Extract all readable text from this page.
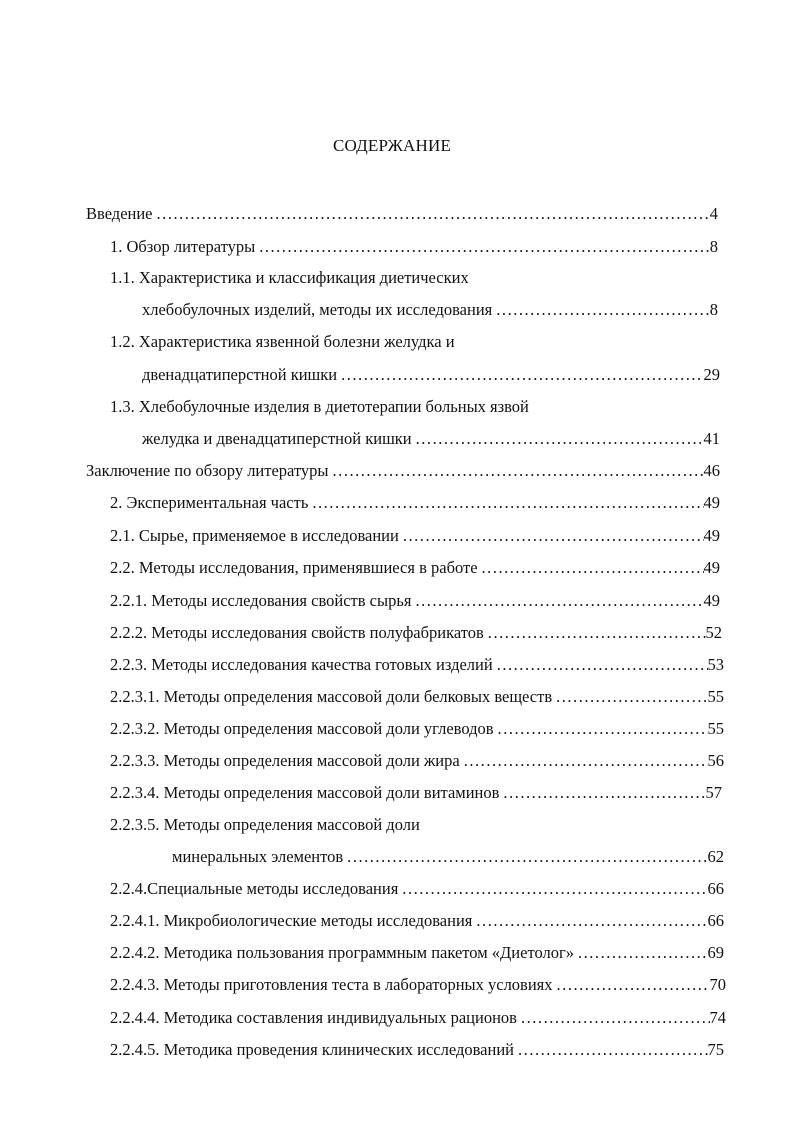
СОДЕРЖАНИЕ
Введение . . .	4
1. Обзор литературы . . .	8
1.1. Характеристика и классификация диетических
хлебобулочных изделий, методы их исследования . . .	8
1.2. Характеристика язвенной болезни желудка и
двенадцатиперстной кишки . . .	29
1.3. Хлебобулочные изделия в диетотерапии больных язвой
желудка и двенадцатиперстной кишки . . .	41
Заключение по обзору литературы . . .	46
2. Экспериментальная часть . . .	49
2.1. Сырье, применяемое в исследовании . . .	49
2.2. Методы исследования, применявшиеся в работе . . .	49
2.2.1. Методы исследования свойств сырья . . .	49
2.2.2. Методы исследования свойств полуфабрикатов . . .	52
2.2.3. Методы исследования качества готовых изделий . . .	53
2.2.3.1. Методы определения массовой доли белковых веществ . . .	55
2.2.3.2. Методы определения массовой доли углеводов . . .	55
2.2.3.3. Методы определения массовой доли жира . . .	56
2.2.3.4. Методы определения массовой доли витаминов . . .	57
2.2.3.5. Методы определения массовой доли
минеральных элементов . . .	62
2.2.4.Специальные методы исследования . . .	66
2.2.4.1. Микробиологические методы исследования . . .	66
2.2.4.2. Методика пользования программным пакетом «Диетолог» . . .	69
2.2.4.3. Методы приготовления теста в лабораторных условиях . . .	70
2.2.4.4. Методика составления индивидуальных рационов . . .	74
2.2.4.5. Методика проведения клинических исследований . . .	75
